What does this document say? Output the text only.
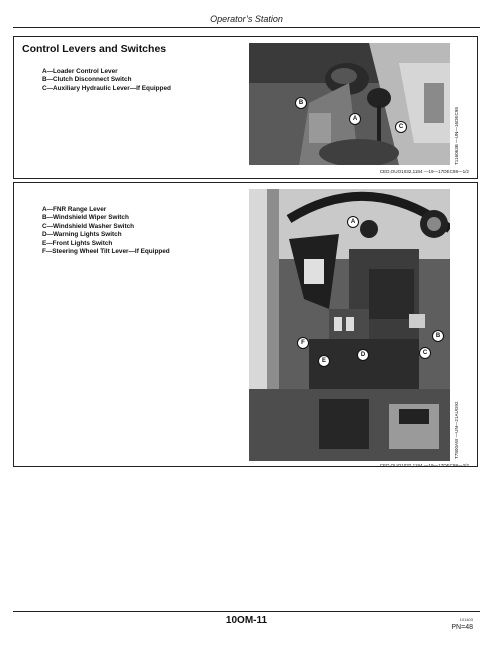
Operator’s Station
Control Levers and Switches
A—Loader Control Lever
B—Clutch Disconnect Switch
C—Auxiliary Hydraulic Lever—If Equipped
A
B
C	T116063B —UN—16DEC98
CED,OUO1032,1184 —19—17DEC98—1/2
A—FNR Range Lever
B—Windshield Wiper Switch
C—Windshield Washer Switch
D—Warning Lights Switch
E—Front Lights Switch
F—Steering Wheel Tilt Lever—If Equipped
A
B
C
D
E
F
T7800AW —UN—21AUG92
CED,OUO1032,1184 —19—17DEC98—2/2
10OM-11	101403
PN=48
